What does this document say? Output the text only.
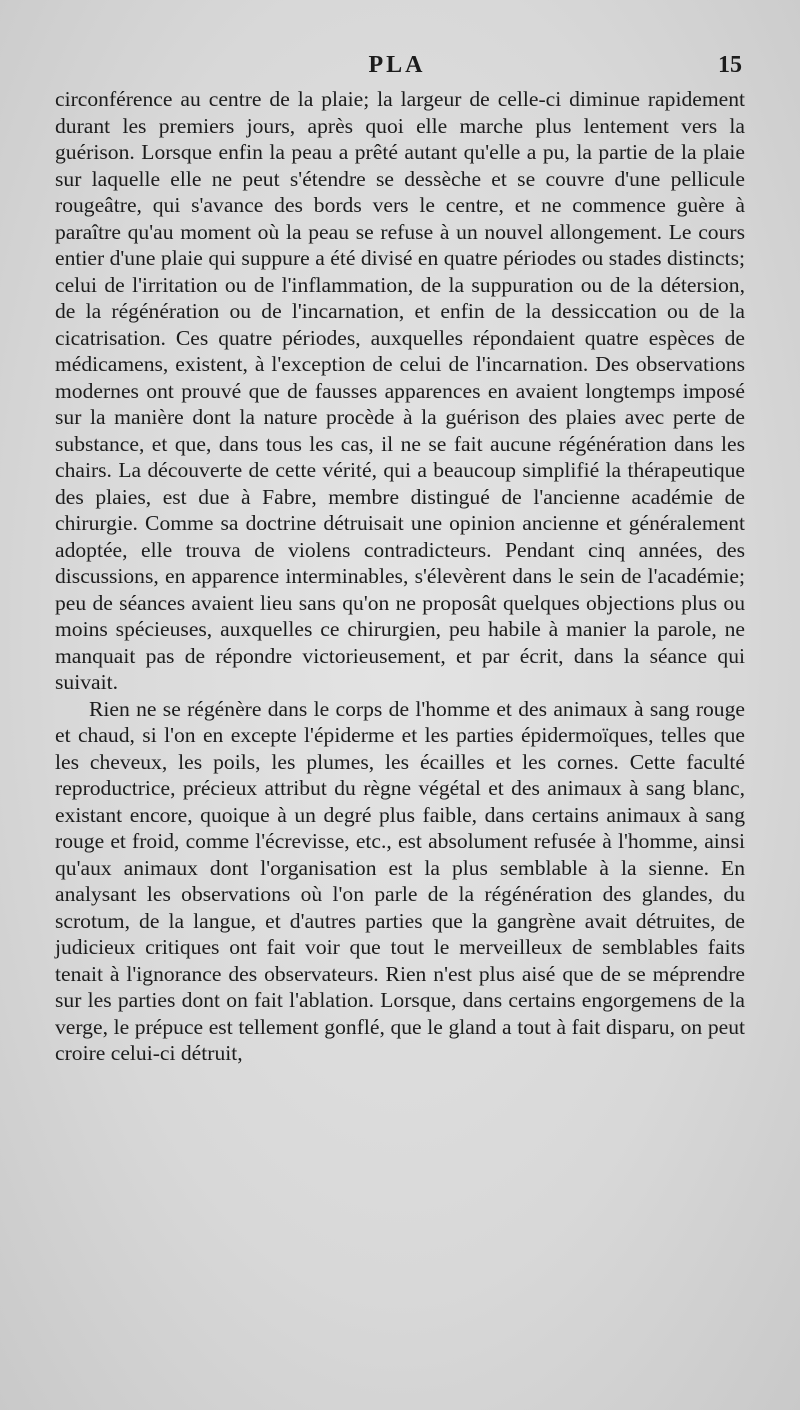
PLA	15

circonférence au centre de la plaie; la largeur de celle-ci diminue rapidement durant les premiers jours, après quoi elle marche plus lentement vers la guérison. Lorsque enfin la peau a prêté autant qu'elle a pu, la partie de la plaie sur laquelle elle ne peut s'étendre se dessèche et se couvre d'une pellicule rougeâtre, qui s'avance des bords vers le centre, et ne commence guère à paraître qu'au moment où la peau se refuse à un nouvel allongement. Le cours entier d'une plaie qui suppure a été divisé en quatre périodes ou stades distincts; celui de l'irritation ou de l'inflammation, de la suppuration ou de la détersion, de la régénération ou de l'incarnation, et enfin de la dessiccation ou de la cicatrisation. Ces quatre périodes, auxquelles répondaient quatre espèces de médicamens, existent, à l'exception de celui de l'incarnation. Des observations modernes ont prouvé que de fausses apparences en avaient longtemps imposé sur la manière dont la nature procède à la guérison des plaies avec perte de substance, et que, dans tous les cas, il ne se fait aucune régénération dans les chairs. La découverte de cette vérité, qui a beaucoup simplifié la thérapeutique des plaies, est due à Fabre, membre distingué de l'ancienne académie de chirurgie. Comme sa doctrine détruisait une opinion ancienne et généralement adoptée, elle trouva de violens contradicteurs. Pendant cinq années, des discussions, en apparence interminables, s'élevèrent dans le sein de l'académie; peu de séances avaient lieu sans qu'on ne proposât quelques objections plus ou moins spécieuses, auxquelles ce chirurgien, peu habile à manier la parole, ne manquait pas de répondre victorieusement, et par écrit, dans la séance qui suivait.

Rien ne se régénère dans le corps de l'homme et des animaux à sang rouge et chaud, si l'on en excepte l'épiderme et les parties épidermoïques, telles que les cheveux, les poils, les plumes, les écailles et les cornes. Cette faculté reproductrice, précieux attribut du règne végétal et des animaux à sang blanc, existant encore, quoique à un degré plus faible, dans certains animaux à sang rouge et froid, comme l'écrevisse, etc., est absolument refusée à l'homme, ainsi qu'aux animaux dont l'organisation est la plus semblable à la sienne. En analysant les observations où l'on parle de la régénération des glandes, du scrotum, de la langue, et d'autres parties que la gangrène avait détruites, de judicieux critiques ont fait voir que tout le merveilleux de semblables faits tenait à l'ignorance des observateurs. Rien n'est plus aisé que de se méprendre sur les parties dont on fait l'ablation. Lorsque, dans certains engorgemens de la verge, le prépuce est tellement gonflé, que le gland a tout à fait disparu, on peut croire celui-ci détruit,
